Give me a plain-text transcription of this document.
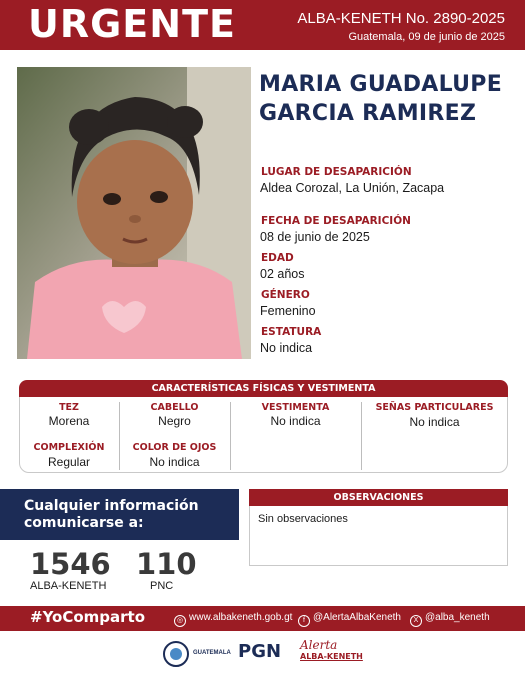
URGENTE	ALBA-KENETH No. 2890-2025
Guatemala, 09 de junio de 2025
MARIA GUADALUPE
GARCIA RAMIREZ
LUGAR DE DESAPARICIÓN
Aldea Corozal, La Unión, Zacapa
FECHA DE DESAPARICIÓN
08 de junio de 2025
EDAD
02 años
GÉNERO
Femenino
ESTATURA
No indica
CARACTERÍSTICAS FÍSICAS Y VESTIMENTA
TEZ
Morena
CABELLO
Negro
COMPLEXIÓN
Regular
COLOR DE OJOS
No indica
VESTIMENTA
No indica
SEÑAS PARTICULARES
No indica
Cualquier información
comunicarse a:
1546
ALBA-KENETH
110
PNC
OBSERVACIONES
Sin observaciones
#YoComparto	◎ www.albakeneth.gob.gt	f @AlertaAlbaKeneth	X @alba_keneth
GUATEMALA PGN Alerta
ALBA-KENETH
